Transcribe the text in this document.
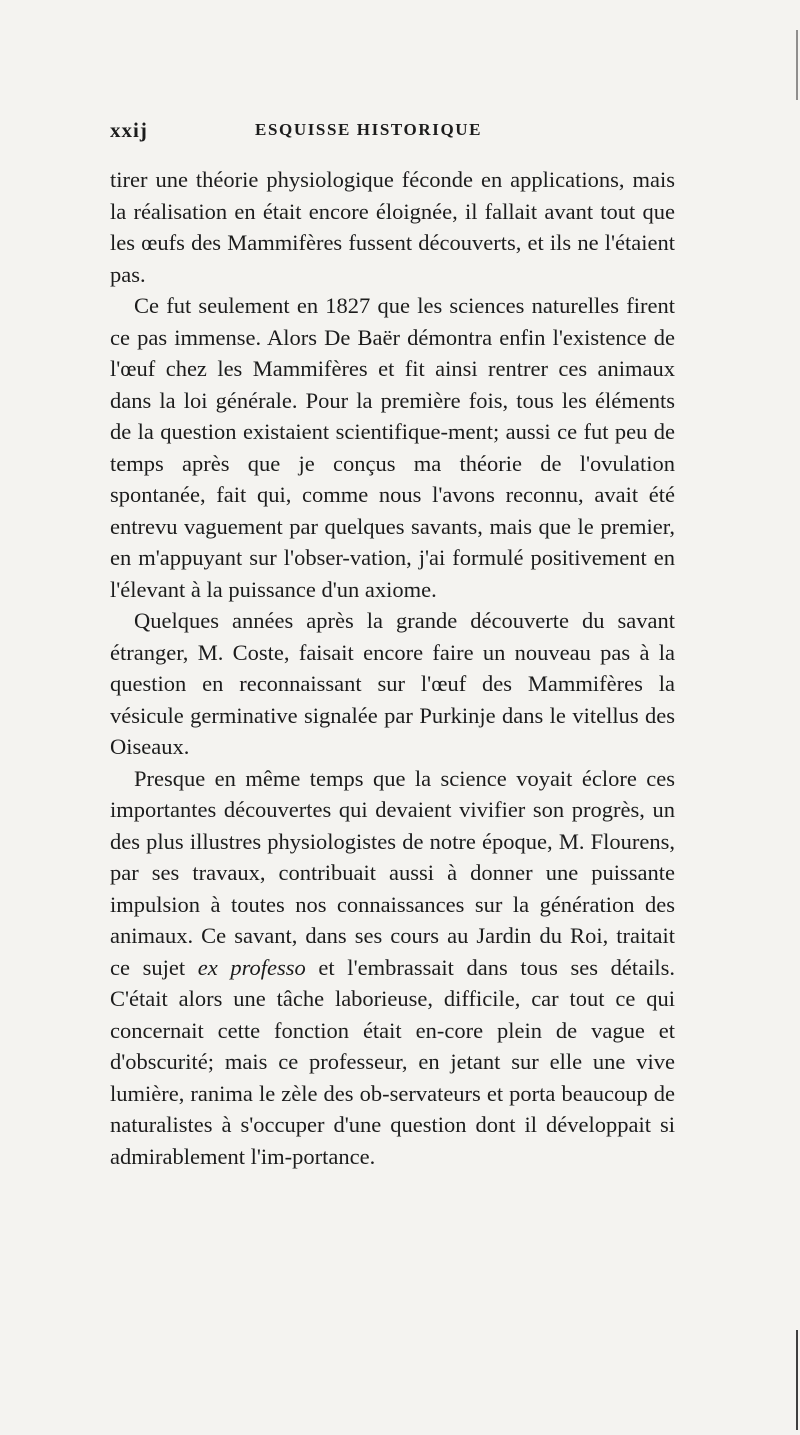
xxij	ESQUISSE HISTORIQUE

tirer une théorie physiologique féconde en applications, mais la réalisation en était encore éloignée, il fallait avant tout que les œufs des Mammifères fussent découverts, et ils ne l'étaient pas.

Ce fut seulement en 1827 que les sciences naturelles firent ce pas immense. Alors De Baër démontra enfin l'existence de l'œuf chez les Mammifères et fit ainsi rentrer ces animaux dans la loi générale. Pour la première fois, tous les éléments de la question existaient scientifique-ment; aussi ce fut peu de temps après que je conçus ma théorie de l'ovulation spontanée, fait qui, comme nous l'avons reconnu, avait été entrevu vaguement par quelques savants, mais que le premier, en m'appuyant sur l'obser-vation, j'ai formulé positivement en l'élevant à la puissance d'un axiome.

Quelques années après la grande découverte du savant étranger, M. Coste, faisait encore faire un nouveau pas à la question en reconnaissant sur l'œuf des Mammifères la vésicule germinative signalée par Purkinje dans le vitellus des Oiseaux.

Presque en même temps que la science voyait éclore ces importantes découvertes qui devaient vivifier son progrès, un des plus illustres physiologistes de notre époque, M. Flourens, par ses travaux, contribuait aussi à donner une puissante impulsion à toutes nos connaissances sur la génération des animaux. Ce savant, dans ses cours au Jardin du Roi, traitait ce sujet ex professo et l'embrassait dans tous ses détails. C'était alors une tâche laborieuse, difficile, car tout ce qui concernait cette fonction était en-core plein de vague et d'obscurité; mais ce professeur, en jetant sur elle une vive lumière, ranima le zèle des ob-servateurs et porta beaucoup de naturalistes à s'occuper d'une question dont il développait si admirablement l'im-portance.
